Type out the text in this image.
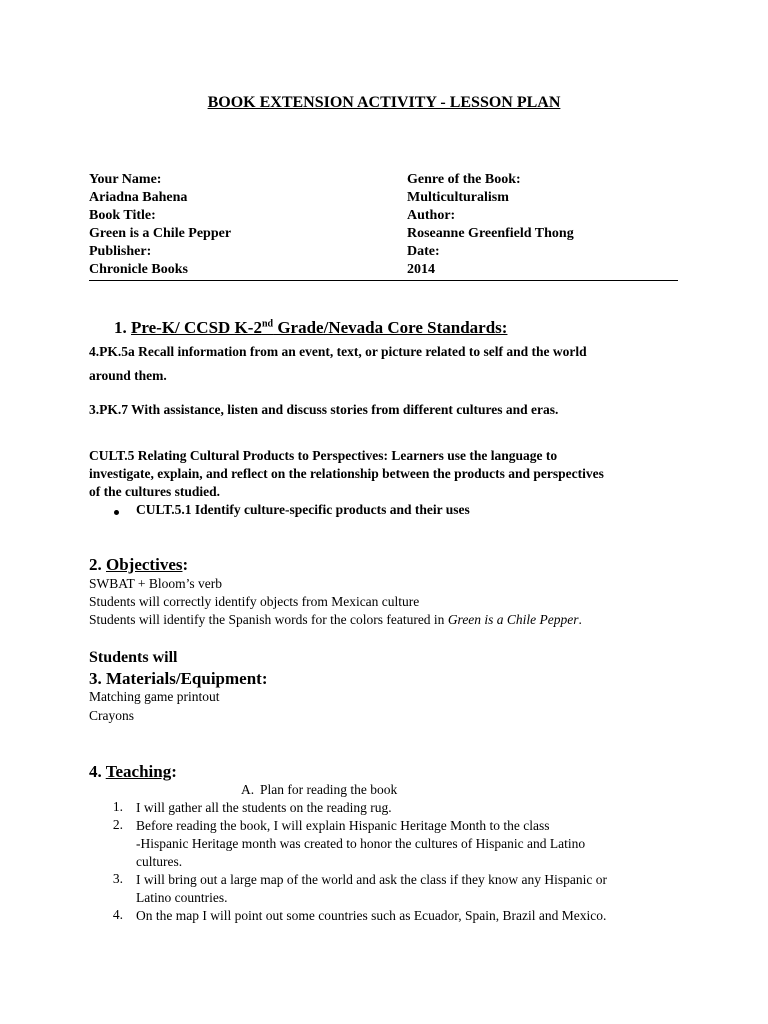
BOOK EXTENSION ACTIVITY - LESSON PLAN
Your Name:
Ariadna Bahena
Book Title:
Green is a Chile Pepper
Publisher:
Chronicle Books
Genre of the Book:
Multiculturalism
Author:
Roseanne Greenfield Thong
Date:
2014
1. Pre-K/ CCSD K-2nd Grade/Nevada Core Standards:
4.PK.5a Recall information from an event, text, or picture related to self and the world
around them.
3.PK.7 With assistance, listen and discuss stories from different cultures and eras.
CULT.5 Relating Cultural Products to Perspectives: Learners use the language to
investigate, explain, and reflect on the relationship between the products and perspectives
of the cultures studied.
CULT.5.1 Identify culture-specific products and their uses
2. Objectives:
SWBAT + Bloom’s verb
Students will correctly identify objects from Mexican culture
Students will identify the Spanish words for the colors featured in Green is a Chile Pepper.
Students will
3. Materials/Equipment:
Matching game printout
Crayons
4. Teaching:
A. Plan for reading the book
1. I will gather all the students on the reading rug.
2. Before reading the book, I will explain Hispanic Heritage Month to the class
-Hispanic Heritage month was created to honor the cultures of Hispanic and Latino
cultures.
3. I will bring out a large map of the world and ask the class if they know any Hispanic or
Latino countries.
4. On the map I will point out some countries such as Ecuador, Spain, Brazil and Mexico.
